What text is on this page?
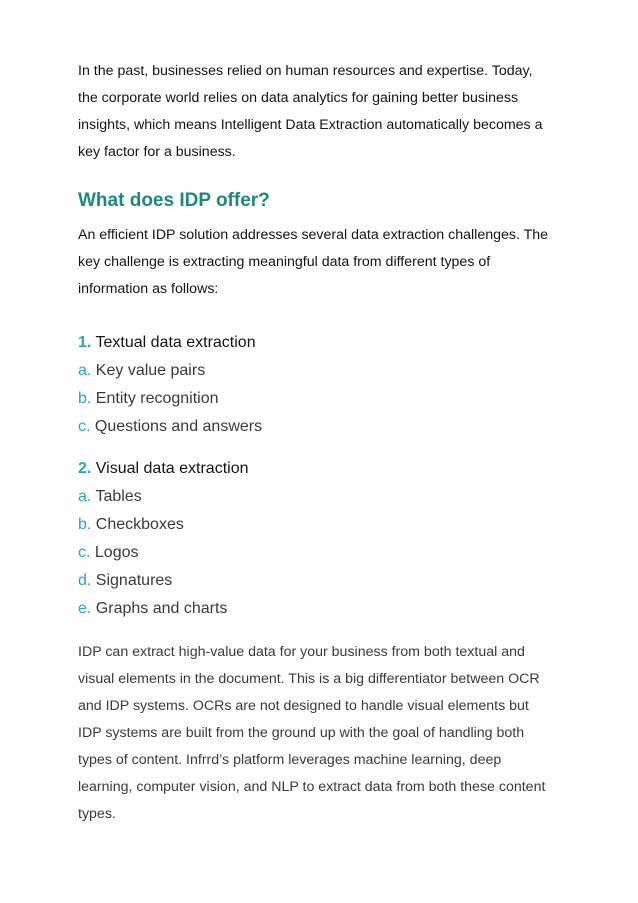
In the past, businesses relied on human resources and expertise. Today,
the corporate world relies on data analytics for gaining better business
insights, which means Intelligent Data Extraction automatically becomes a
key factor for a business.

What does IDP offer?

An efficient IDP solution addresses several data extraction challenges. The
key challenge is extracting meaningful data from different types of
information as follows:

1. Textual data extraction
a. Key value pairs
b. Entity recognition
c. Questions and answers
2. Visual data extraction
a. Tables
b. Checkboxes
c. Logos
d. Signatures
e. Graphs and charts

IDP can extract high-value data for your business from both textual and
visual elements in the document. This is a big differentiator between OCR
and IDP systems. OCRs are not designed to handle visual elements but
IDP systems are built from the ground up with the goal of handling both
types of content. Infrrd’s platform leverages machine learning, deep
learning, computer vision, and NLP to extract data from both these content
types.
